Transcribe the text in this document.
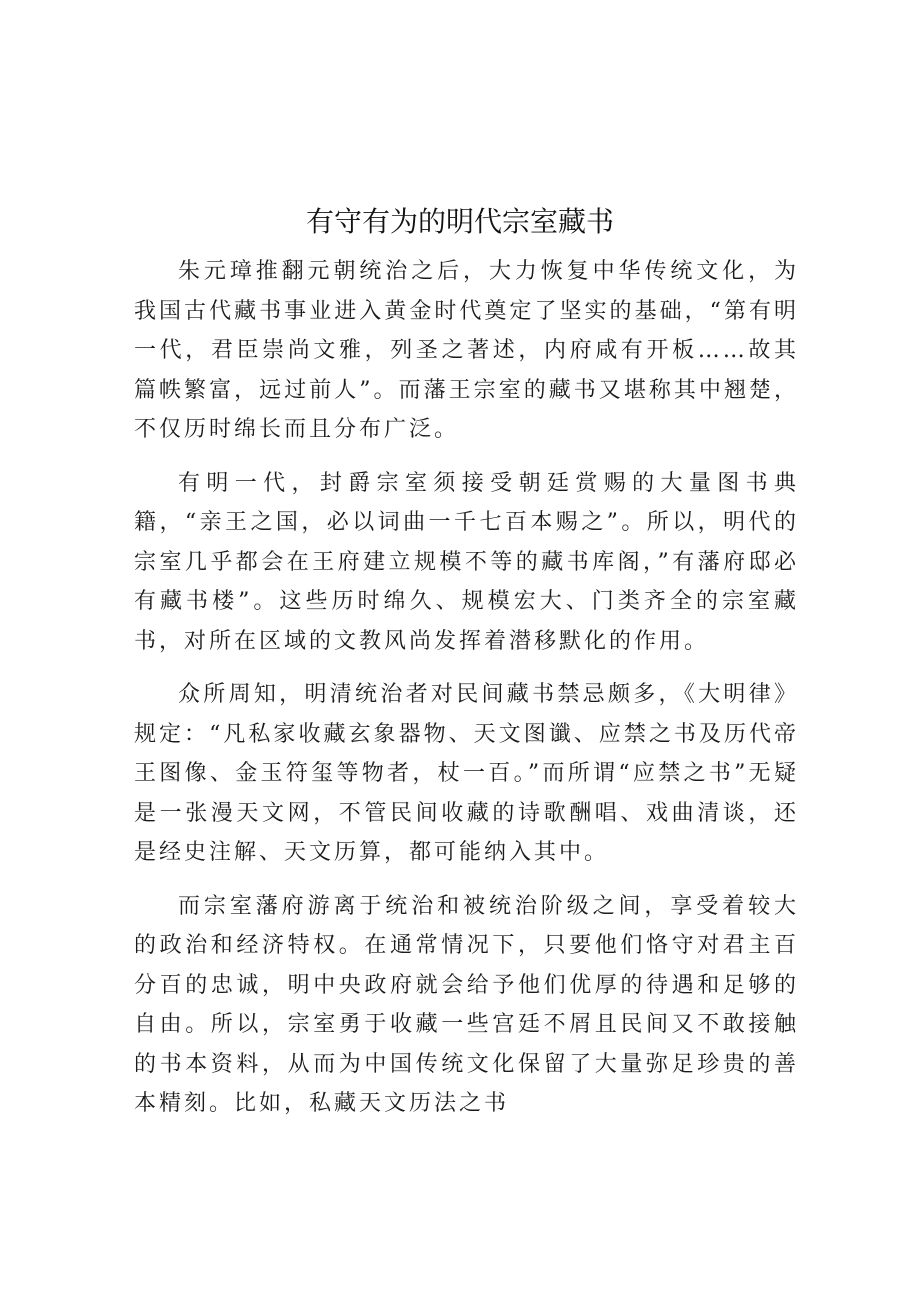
有守有为的明代宗室藏书

朱元璋推翻元朝统治之后，大力恢复中华传统文化，为我国古代藏书事业进入黄金时代奠定了坚实的基础，“第有明一代，君臣崇尚文雅，列圣之著述，内府咸有开板……故其篇帙繁富，远过前人”。而藩王宗室的藏书又堪称其中翘楚，不仅历时绵长而且分布广泛。

有明一代，封爵宗室须接受朝廷赏赐的大量图书典籍，“亲王之国，必以词曲一千七百本赐之”。所以，明代的宗室几乎都会在王府建立规模不等的藏书库阁，”有藩府邸必有藏书楼”。这些历时绵久、规模宏大、门类齐全的宗室藏书，对所在区域的文教风尚发挥着潜移默化的作用。

众所周知，明清统治者对民间藏书禁忌颇多，《大明律》规定：“凡私家收藏玄象器物、天文图谶、应禁之书及历代帝王图像、金玉符玺等物者，杖一百。”而所谓“应禁之书”无疑是一张漫天文网，不管民间收藏的诗歌酬唱、戏曲清谈，还是经史注解、天文历算，都可能纳入其中。

而宗室藩府游离于统治和被统治阶级之间，享受着较大的政治和经济特权。在通常情况下，只要他们恪守对君主百分百的忠诚，明中央政府就会给予他们优厚的待遇和足够的自由。所以，宗室勇于收藏一些宫廷不屑且民间又不敢接触的书本资料，从而为中国传统文化保留了大量弥足珍贵的善本精刻。比如，私藏天文历法之书
